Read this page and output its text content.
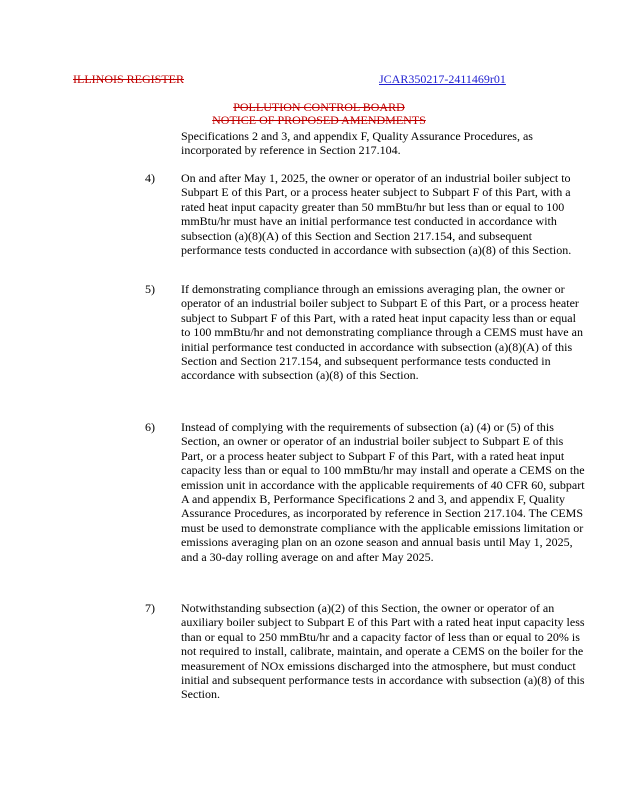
ILLINOIS REGISTER	JCAR350217-2411469r01
POLLUTION CONTROL BOARD
NOTICE OF PROPOSED AMENDMENTS
Specifications 2 and 3, and appendix F, Quality Assurance Procedures, as incorporated by reference in Section 217.104.
4) On and after May 1, 2025, the owner or operator of an industrial boiler subject to Subpart E of this Part, or a process heater subject to Subpart F of this Part, with a rated heat input capacity greater than 50 mmBtu/hr but less than or equal to 100 mmBtu/hr must have an initial performance test conducted in accordance with subsection (a)(8)(A) of this Section and Section 217.154, and subsequent performance tests conducted in accordance with subsection (a)(8) of this Section.
5) If demonstrating compliance through an emissions averaging plan, the owner or operator of an industrial boiler subject to Subpart E of this Part, or a process heater subject to Subpart F of this Part, with a rated heat input capacity less than or equal to 100 mmBtu/hr and not demonstrating compliance through a CEMS must have an initial performance test conducted in accordance with subsection (a)(8)(A) of this Section and Section 217.154, and subsequent performance tests conducted in accordance with subsection (a)(8) of this Section.
6) Instead of complying with the requirements of subsection (a) (4) or (5) of this Section, an owner or operator of an industrial boiler subject to Subpart E of this Part, or a process heater subject to Subpart F of this Part, with a rated heat input capacity less than or equal to 100 mmBtu/hr may install and operate a CEMS on the emission unit in accordance with the applicable requirements of 40 CFR 60, subpart A and appendix B, Performance Specifications 2 and 3, and appendix F, Quality Assurance Procedures, as incorporated by reference in Section 217.104. The CEMS must be used to demonstrate compliance with the applicable emissions limitation or emissions averaging plan on an ozone season and annual basis until May 1, 2025, and a 30-day rolling average on and after May 2025.
7) Notwithstanding subsection (a)(2) of this Section, the owner or operator of an auxiliary boiler subject to Subpart E of this Part with a rated heat input capacity less than or equal to 250 mmBtu/hr and a capacity factor of less than or equal to 20% is not required to install, calibrate, maintain, and operate a CEMS on the boiler for the measurement of NOx emissions discharged into the atmosphere, but must conduct initial and subsequent performance tests in accordance with subsection (a)(8) of this Section.
